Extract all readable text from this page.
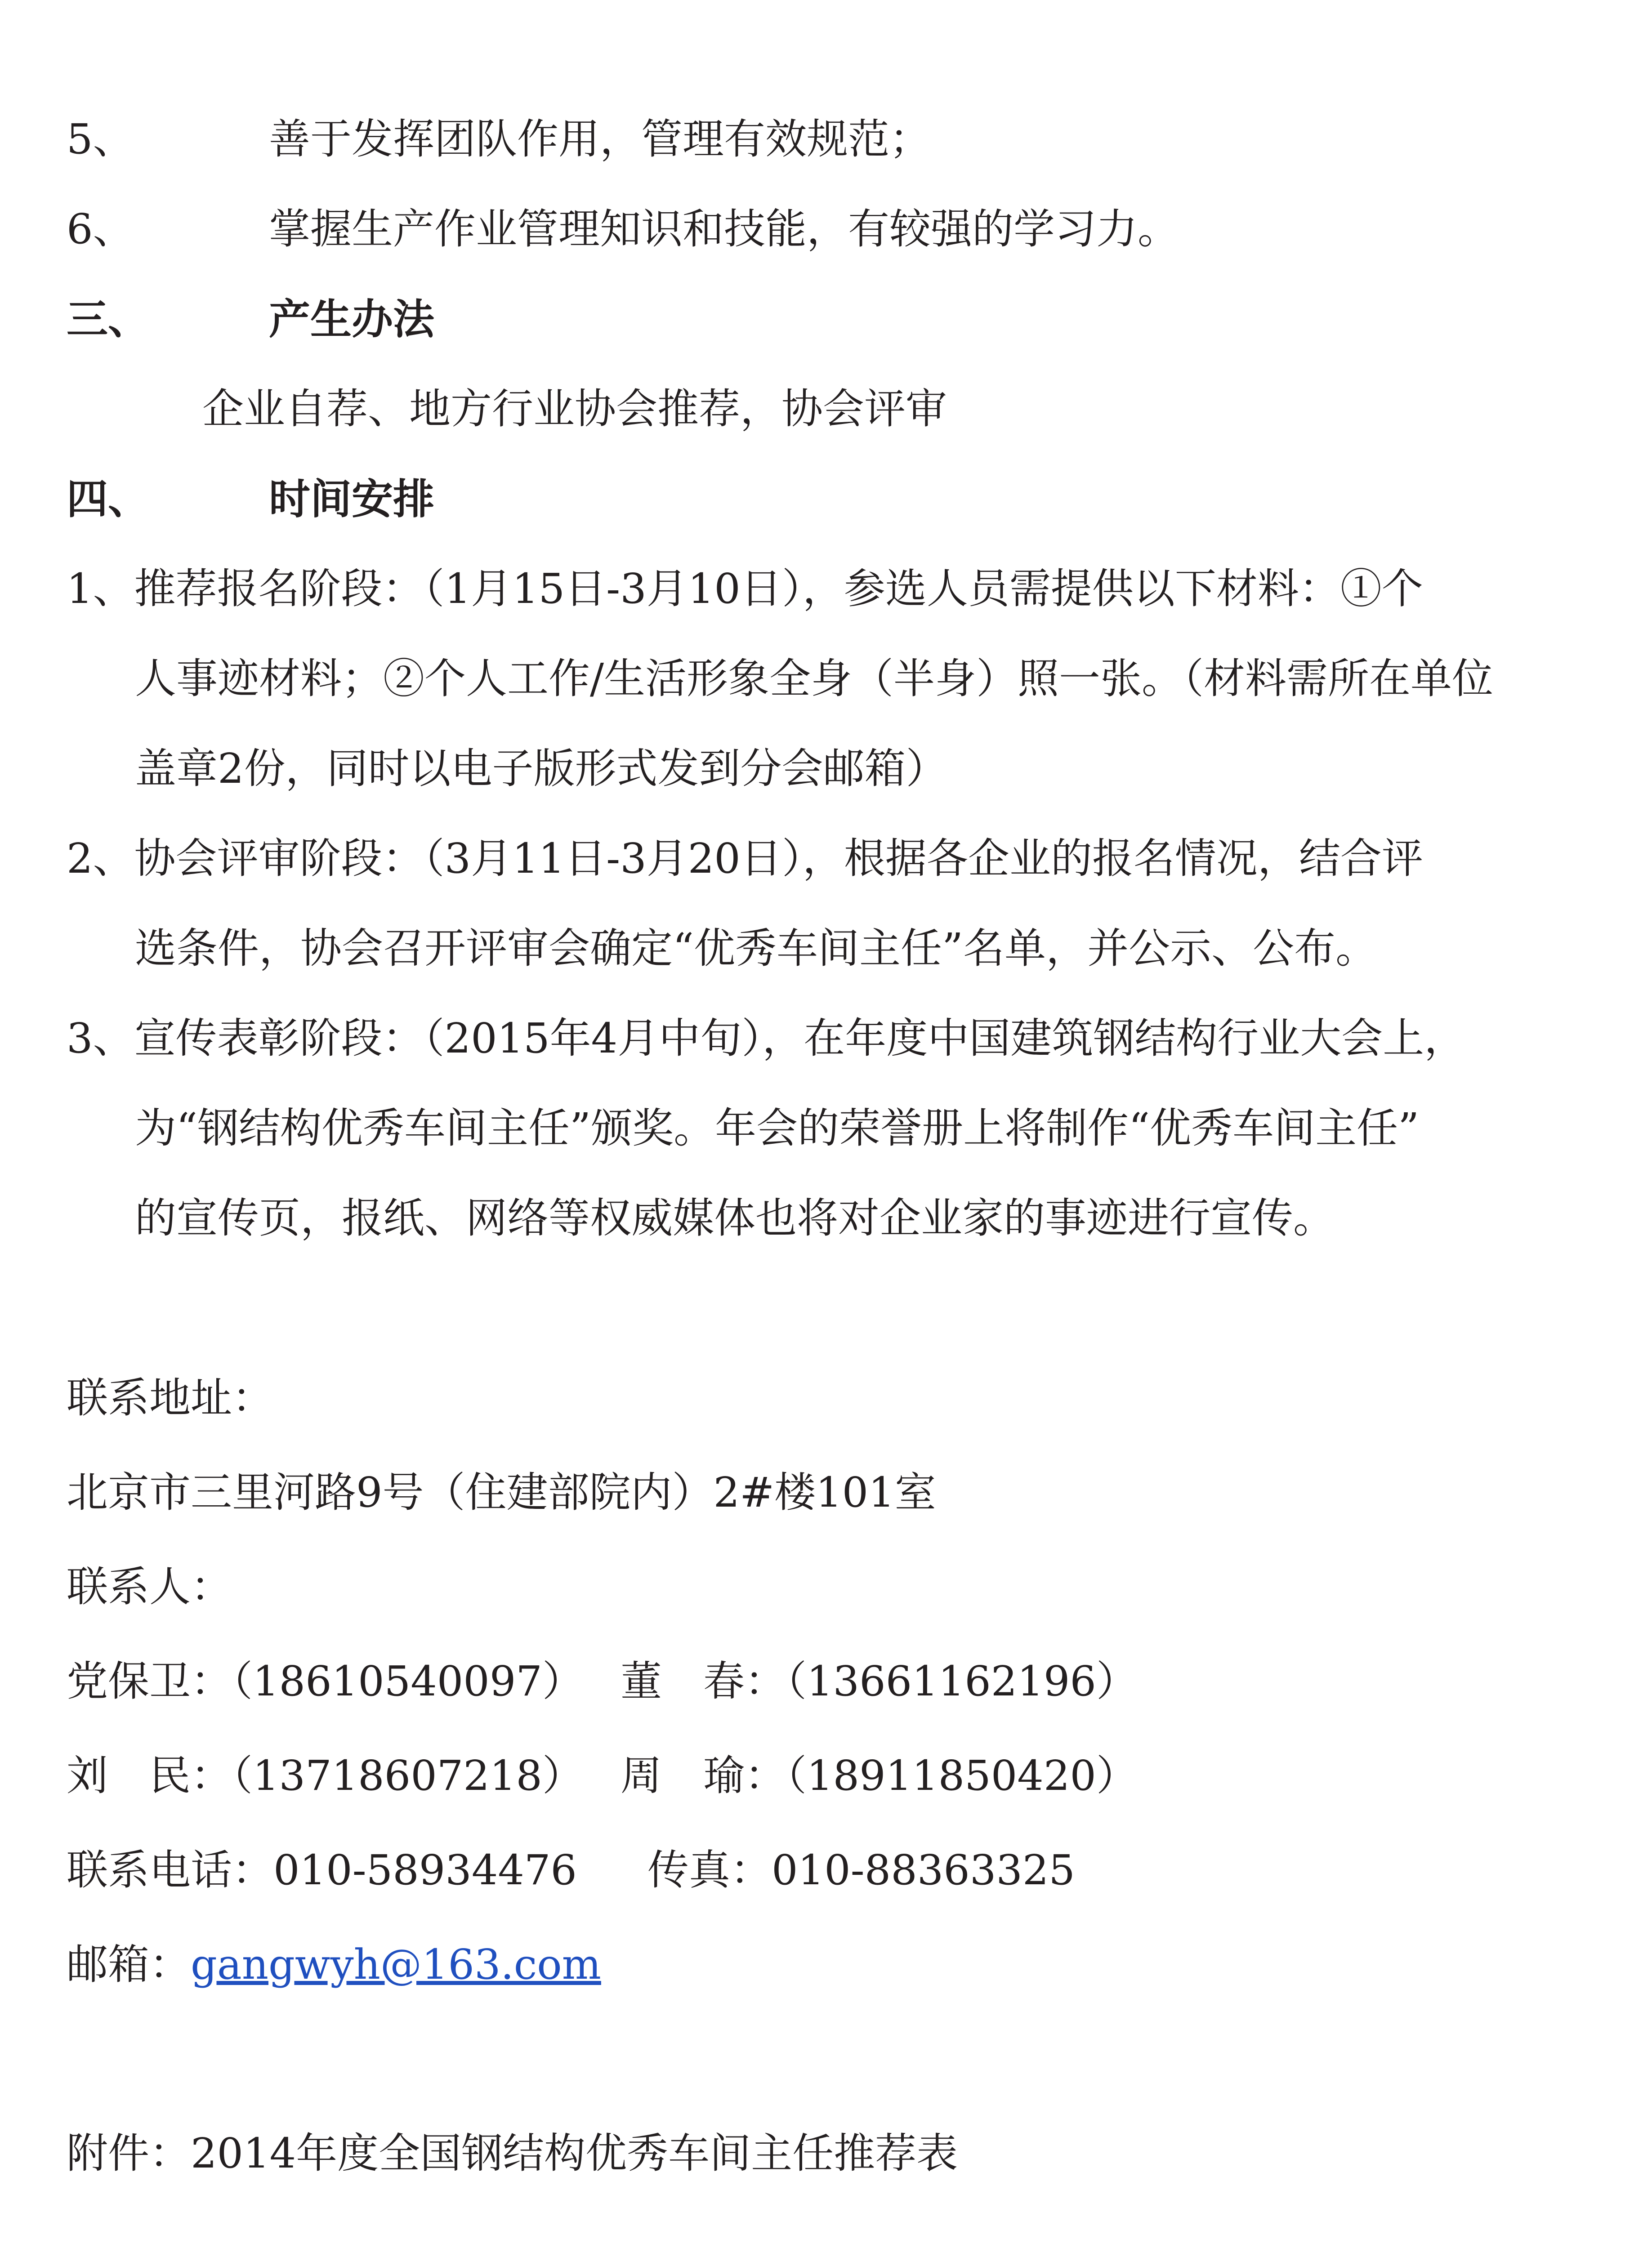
5、	善于发挥团队作用，管理有效规范；
6、	掌握生产作业管理知识和技能，有较强的学习力。
三、	产生办法
企业自荐、地方行业协会推荐，协会评审
四、	时间安排
1、推荐报名阶段：（1月15日-3月10日），参选人员需提供以下材料：①个
人事迹材料；②个人工作/生活形象全身（半身）照一张。（材料需所在单位
盖章2份，同时以电子版形式发到分会邮箱）
2、协会评审阶段：（3月11日-3月20日），根据各企业的报名情况，结合评
选条件，协会召开评审会确定“优秀车间主任”名单，并公示、公布。
3、宣传表彰阶段：（2015年4月中旬），在年度中国建筑钢结构行业大会上，
为“钢结构优秀车间主任”颁奖。年会的荣誉册上将制作“优秀车间主任”
的宣传页，报纸、网络等权威媒体也将对企业家的事迹进行宣传。
联系地址：
北京市三里河路9号（住建部院内）2#楼101室
联系人：
党保卫：（18610540097） 董　春：（13661162196）
刘　民：（13718607218） 周　瑜：（18911850420）
联系电话：010-58934476 传真：010-88363325
邮箱：gangwyh@163.com
附件：2014年度全国钢结构优秀车间主任推荐表
